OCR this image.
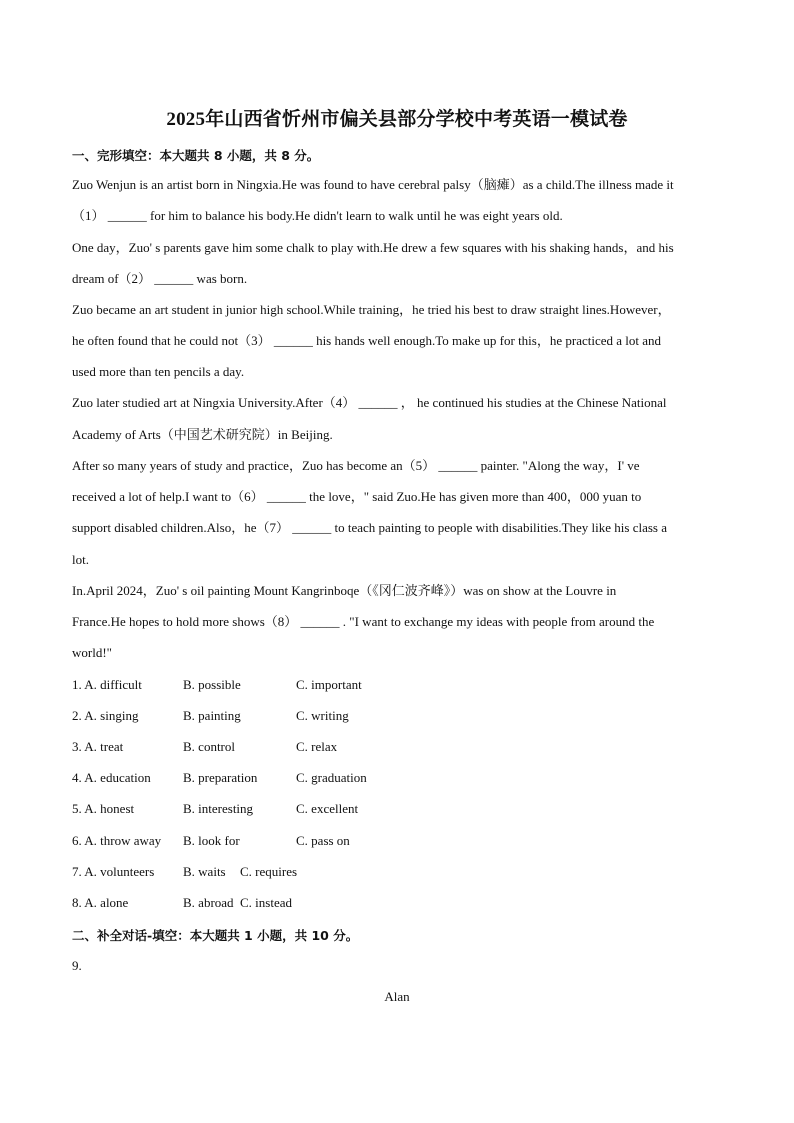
2025年山西省忻州市偏关县部分学校中考英语一模试卷
一、完形填空：本大题共 8 小题，共 8 分。
Zuo Wenjun is an artist born in Ningxia.He was found to have cerebral palsy（脑瘫）as a child.The illness made it
（1） ______ for him to balance his body.He didn't learn to walk until he was eight years old.
One day，Zuo' s parents gave him some chalk to play with.He drew a few squares with his shaking hands，and his
dream of（2） ______ was born.
Zuo became an art student in junior high school.While training，he tried his best to draw straight lines.However，
he often found that he could not（3） ______ his hands well enough.To make up for this，he practiced a lot and
used more than ten pencils a day.
Zuo later studied art at Ningxia University.After（4） ______ ， he continued his studies at the Chinese National
Academy of Arts（中国艺术研究院）in Beijing.
After so many years of study and practice，Zuo has become an（5） ______ painter. "Along the way，I' ve
received a lot of help.I want to（6） ______ the love，" said Zuo.He has given more than 400，000 yuan to
support disabled children.Also，he（7） ______ to teach painting to people with disabilities.They like his class a
lot.
In.April 2024，Zuo' s oil painting Mount Kangrinboqe（《冈仁波齐峰》）was on show at the Louvre in
France.He hopes to hold more shows（8） ______ . "I want to exchange my ideas with people from around the
world!"
1. A. difficult	B. possible	C. important
2. A. singing	B. painting	C. writing
3. A. treat	B. control	C. relax
4. A. education B. preparation	C. graduation
5. A. honest	B. interesting	C. excellent
6. A. throw away B. look for	C. pass on
7. A. volunteers B. waits C. requires
8. A. alone	B. abroad C. instead
二、补全对话-填空：本大题共 1 小题，共 10 分。
9.
Alan
